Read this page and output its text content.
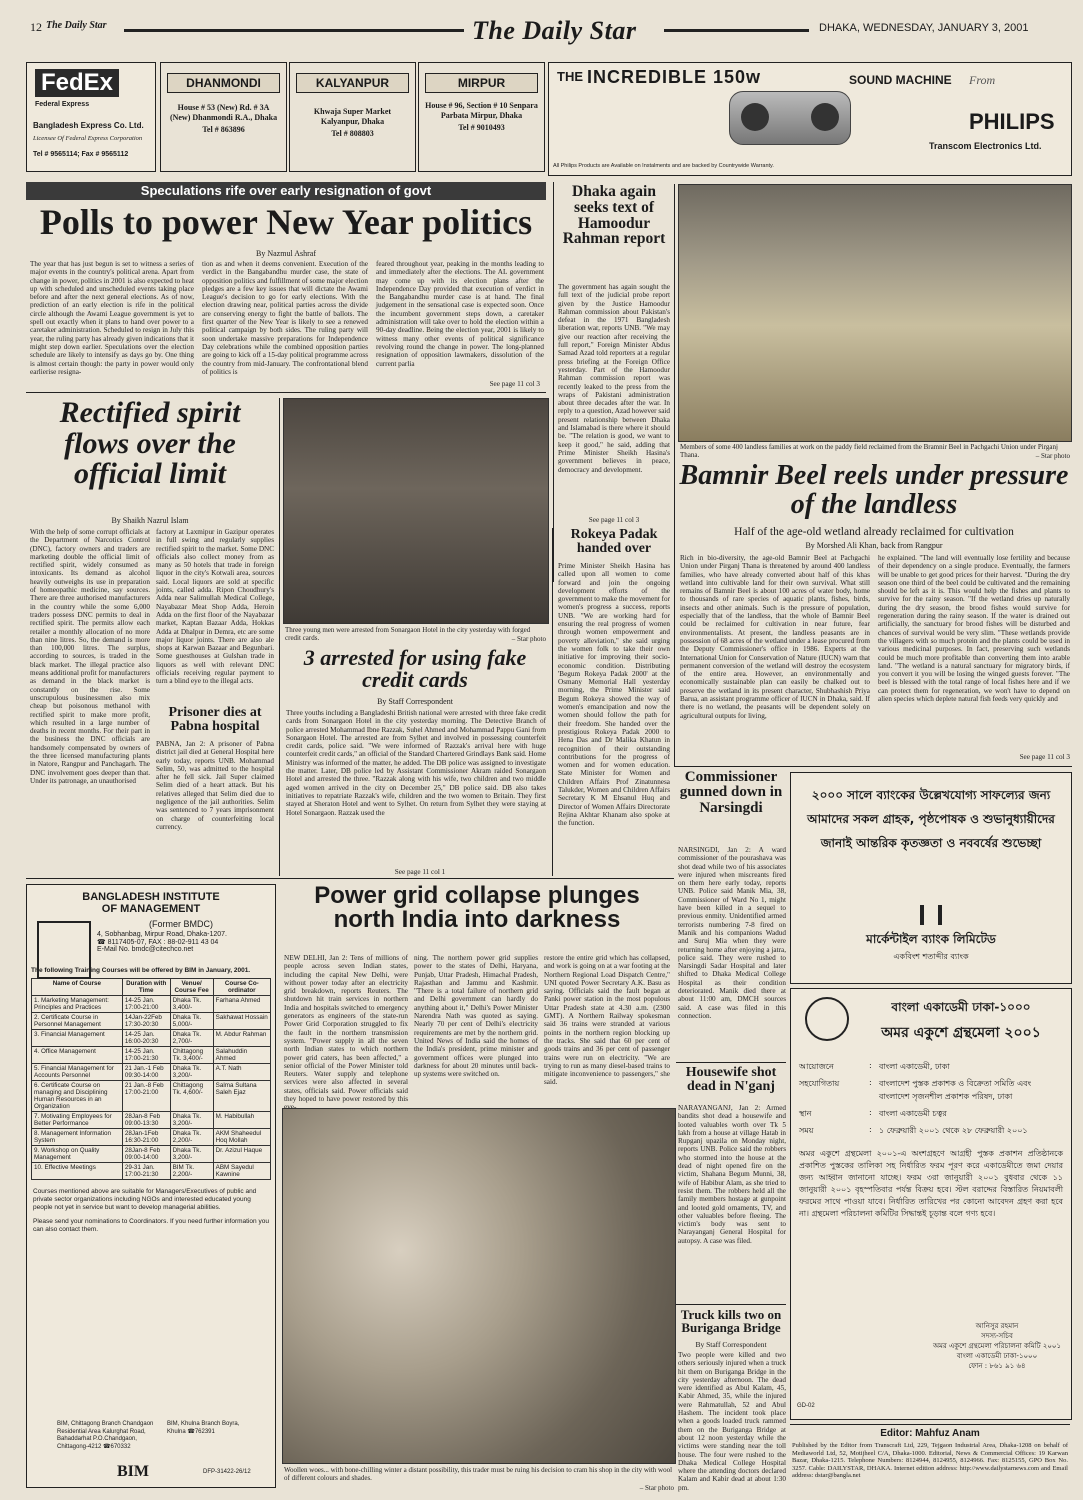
12 The Daily Star	The Daily Star	DHAKA, WEDNESDAY, JANUARY 3, 2001
FedEx
Federal Express
Bangladesh Express Co. Ltd.
Licensee Of Federal Express Corporation
Tel # 9565114; Fax # 9565112
DHANMONDI
House # 53 (New) Rd. # 3A (New) Dhanmondi R.A., Dhaka
Tel # 863896
KALYANPUR
Khwaja Super Market Kalyanpur, Dhaka
Tel # 808803
MIRPUR
House # 96, Section # 10 Senpara Parbata Mirpur, Dhaka
Tel # 9010493
THE INCREDIBLE 150w	SOUND MACHINE From
PHILIPS
Transcom Electronics Ltd.
All Philips Products are Available on Instalments and are backed by Countrywide Warranty.
Speculations rife over early resignation of govt
Polls to power New Year politics
By Nazmul Ashraf
The year that has just begun is set to witness a series of major events in the country's political arena. Apart from change in power, politics in 2001 is also expected to heat up with scheduled and unscheduled events taking place before and after the next general elections. As of now, prediction of an early election is rife in the political circle although the Awami League government is yet to spell out exactly when it plans to hand over power to a caretaker administration. Scheduled to resign in July this year, the ruling party has already given indications that it might step down earlier. Speculations over the election schedule are likely to intensify as days go by. One thing is almost certain though: the party in power would only earlierise resigna-
tion as and when it deems convenient. Execution of the verdict in the Bangabandhu murder case, the state of opposition politics and fulfillment of some major election pledges are a few key issues that will dictate the Awami League's decision to go for early elections. With the election drawing near, political parties across the divide are conserving energy to fight the battle of ballots. The first quarter of the New Year is likely to see a renewed political campaign by both sides. The ruling party will soon undertake massive preparations for Independence Day celebrations while the combined opposition parties are going to kick off a 15-day political programme across the country from mid-January. The confrontational blend of politics is
feared throughout year, peaking in the months leading to and immediately after the elections. The AL government may come up with its election plans after the Independence Day provided that execution of verdict in the Bangabandhu murder case is at hand. The final judgement in the sensational case is expected soon. Once the incumbent government steps down, a caretaker administration will take over to hold the election within a 90-day deadline. Being the election year, 2001 is likely to witness many other events of political significance revolving round the change in power. The long-planned resignation of opposition lawmakers, dissolution of the current parlia
See page 11 col 3
Dhaka again seeks text of Hamoodur Rahman report
The government has again sought the full text of the judicial probe report given by the Justice Hamoodur Rahman commission about Pakistan's defeat in the 1971 Bangladesh liberation war, reports UNB. "We may give our reaction after receiving the full report," Foreign Minister Abdus Samad Azad told reporters at a regular press briefing at the Foreign Office yesterday. Part of the Hamoodur Rahman commission report was recently leaked to the press from the wraps of Pakistani administration about three decades after the war. In reply to a question, Azad however said present relationship between Dhaka and Islamabad is there where it should be. "The relation is good, we want to keep it good," he said, adding that Prime Minister Sheikh Hasina's government believes in peace, democracy and development.
See page 11 col 3
Members of some 400 landless families at work on the paddy field reclaimed from the Bramnir Beel in Pachgachi Union under Pirganj Thana.	– Star photo
Bamnir Beel reels under pressure of the landless
Half of the age-old wetland already reclaimed for cultivation
By Morshed Ali Khan, back from Rangpur
Rich in bio-diversity, the age-old Bamnir Beel at Pachgachi Union under Pirganj Thana is threatened by around 400 landless families, who have already converted about half of this khas wetland into cultivable land for their own survival. What still remains of Bamnir Beel is about 100 acres of water body, home to thousands of rare species of aquatic plants, fishes, birds, insects and other animals. Such is the pressure of population, especially that of the landless, that the whole of Bamnir Beel could be reclaimed for cultivation in near future, fear environmentalists. At present, the landless peasants are in possession of 68 acres of the wetland under a lease procured from the Deputy Commissioner's office in 1986. Experts at the International Union for Conservation of Nature (IUCN) warn that permanent conversion of the wetland will destroy the ecosystem of the entire area. However, an environmentally and economically sustainable plan can easily be chalked out to preserve the wetland in its present character, Shubhashish Priya Barua, an assistant programme officer of IUCN in Dhaka, said. If there is no wetland, the peasants will be dependent solely on agricultural outputs for living,
he explained. "The land will eventually lose fertility and because of their dependency on a single produce. Eventually, the farmers will be unable to get good prices for their harvest. "During the dry season one third of the beel could be cultivated and the remaining should be left as it is. This would help the fishes and plants to survive for the rainy season. "If the wetland dries up naturally during the dry season, the brood fishes would survive for regeneration during the rainy season. If the water is drained out artificially, the sanctuary for brood fishes will be disturbed and chances of survival would be very slim. "These wetlands provide the villagers with so much protein and the plants could be used in various medicinal purposes. In fact, preserving such wetlands could be much more profitable than converting them into arable land. "The wetland is a natural sanctuary for migratory birds, if you convert it you will be losing the winged guests forever. "The beel is blessed with the total range of local fishes here and if we can protect them for regeneration, we won't have to depend on alien species which deplete natural fish feeds very quickly and
See page 11 col 3
Rectified spirit flows over the official limit
By Shaikh Nazrul Islam
With the help of some corrupt officials at the Department of Narcotics Control (DNC), factory owners and traders are marketing double the official limit of rectified spirit, widely consumed as intoxicants. Its demand as alcohol heavily outweighs its use in preparation of homeopathic medicine, say sources. There are three authorised manufacturers in the country while the some 6,000 traders possess DNC permits to deal in rectified spirit. The permits allow each retailer a monthly allocation of no more than nine litres. So, the demand is more than 100,000 litres. The surplus, according to sources, is traded in the black market. The illegal practice also means additional profit for manufacturers as demand in the black market is constantly on the rise. Some unscrupulous businessmen also mix cheap but poisonous methanol with rectified spirit to make more profit, which resulted in a large number of deaths in recent months. For their part in the business the DNC officials are handsomely compensated by owners of the three licensed manufacturing plants in Natore, Rangpur and Panchagarh. The DNC involvement goes deeper than that. Under its patronage, an unauthorised
factory at Laxmipur in Gazipur operates in full swing and regularly supplies rectified spirit to the market. Some DNC officials also collect money from as many as 50 hotels that trade in foreign liquor in the city's Kotwali area, sources said. Local liquors are sold at specific joints, called adda. Ripon Choudhury's Adda near Salimullah Medical College, Nayabazar Meat Shop Adda, Heroin Adda on the first floor of the Nayabazar market, Kaptan Bazaar Adda, Hokkas Adda at Dhalpur in Demra, etc are some major liquor joints. There are also ale shops at Karwan Bazaar and Begunbari. Some guesthouses at Gulshan trade in liquors as well with relevant DNC officials receiving regular payment to turn a blind eye to the illegal acts.
Prisoner dies at Pabna hospital
PABNA, Jan 2: A prisoner of Pabna district jail died at General Hospital here early today, reports UNB. Mohammad Selim, 50, was admitted to the hospital after he fell sick. Jail Super claimed Selim died of a heart attack. But his relatives alleged that Selim died due to negligence of the jail authorities. Selim was sentenced to 7 years imprisonment on charge of counterfeiting local currency.
Three young men were arrested from Sonargaon Hotel in the city yesterday with forged credit cards.	– Star photo
3 arrested for using fake credit cards
By Staff Correspondent
Three youths including a Bangladeshi British national were arrested with three fake credit cards from Sonargaon Hotel in the city yesterday morning. The Detective Branch of police arrested Mohammad Ibne Razzak, Suhel Ahmed and Mohammad Pappu Gani from Sonargaon Hotel. The arrested are from Sylhet and involved in possessing counterfeit credit cards, police said. "We were informed of Razzak's arrival here with huge counterfeit credit cards," an official of the Standard Chartered Grindlays Bank said. Home Ministry was informed of the matter, he added. The DB police was assigned to investigate the matter. Later, DB police led by Assistant Commissioner Akram raided Sonargaon Hotel and arrested the three. "Razzak along with his wife, two children and two middle aged women arrived in the city on December 25," DB police said. DB also takes initiatives to repatriate Razzak's wife, children and the two women to Britain. They first stayed at Sheraton Hotel and went to Sylhet. On return from Sylhet they were staying at Hotel Sonargaon. Razzak used the
See page 11 col 1
Rokeya Padak handed over
Prime Minister Sheikh Hasina has called upon all women to come forward and join the ongoing development efforts of the government to make the movement for women's progress a success, reports UNB. "We are working hard for ensuring the real progress of women through women empowerment and poverty alleviation," she said urging the women folk to take their own initiative for improving their socio-economic condition. Distributing 'Begum Rokeya Padak 2000' at the Osmany Memorial Hall yesterday morning, the Prime Minister said Begum Rokeya showed the way of women's emancipation and now the women should follow the path for their freedom. She handed over the prestigious Rokeya Padak 2000 to Hena Das and Dr Malika Khatun in recognition of their outstanding contributions for the progress of women and for women education. State Minister for Women and Children Affairs Prof Zinatunnesa Talukder, Women and Children Affairs Secretary K M Ehsanul Huq and Director of Women Affairs Directorate Rejina Akhtar Khanam also spoke at the function.
Commissioner gunned down in Narsingdi
NARSINGDI, Jan 2: A ward commissioner of the pourashava was shot dead while two of his associates were injured when miscreants fired on them here early today, reports UNB. Police said Manik Mia, 38, Commissioner of Ward No 1, might have been killed in a sequel to previous enmity. Unidentified armed terrorists numbering 7-8 fired on Manik and his companions Wadud and Suruj Mia when they were returning home after enjoying a jatra, police said. They were rushed to Narsingdi Sadar Hospital and later shifted to Dhaka Medical College Hospital as their condition deteriorated. Manik died there at about 11:00 am, DMCH sources said. A case was filed in this connection.
২০০০ সালে ব্যাংকের উল্লেখযোগ্য সাফল্যের জন্য
আমাদের সকল গ্রাহক, পৃষ্ঠপোষক ও শুভানুধ্যায়ীদের
জানাই আন্তরিক কৃতজ্ঞতা ও নববর্ষের শুভেচ্ছা
মার্কেন্টাইল ব্যাংক লিমিটেড
একবিংশ শতাব্দীর ব্যাংক
BANGLADESH INSTITUTE
OF MANAGEMENT
(Former BMDC)
4, Sobhanbag, Mirpur Road, Dhaka-1207.
☎ 8117405-07, FAX : 88-02-911 43 04
E-Mail No. bmdc@citechco.net
The following Training Courses will be offered by BIM in January, 2001.
Name of Course	Duration with Time	Venue/ Course Fee	Course Co-ordinator
1. Marketing Management: Principles and Practices	14-25 Jan. 17:00-21:00	Dhaka Tk. 3,400/-	Farhana Ahmed
2. Certificate Course in Personnel Management	14Jan-22Feb 17:30-20:30	Dhaka Tk. 5,000/-	Sakhawat Hossain
3. Financial Management	14-25 Jan. 16:00-20:30	Dhaka Tk. 2,700/-	M. Abdur Rahman
4. Office Management	14-25 Jan. 17:00-21:30	Chittagong Tk. 3,400/-	Salahuddin Ahmed
5. Financial Management for Accounts Personnel	21 Jan.-1 Feb 09:30-14:00	Dhaka Tk. 3,200/-	A.T. Nath
6. Certificate Course on managing and Disciplining Human Resources in an Organization	21 Jan.-8 Feb 17:00-21:00	Chittagong Tk. 4,600/-	Salma Sultana Saleh Ejaz
7. Motivating Employees for Better Performance	28Jan-8 Feb 09:00-13:30	Dhaka Tk. 3,200/-	M. Habibullah
8. Management Information System	28Jan-1Feb 16:30-21:00	Dhaka Tk. 2,200/-	AKM Shaheedul Hoq Mollah
9. Workshop on Quality Management	28Jan-8 Feb 09:00-14:00	Dhaka Tk. 3,200/-	Dr. Azizul Haque
10. Effective Meetings	29-31 Jan. 17:00-21:30	BIM Tk. 2,200/-	ABM Sayedul Kawnine
Courses mentioned above are suitable for Managers/Executives of public and private sector organizations including NGOs and interested educated young people not yet in service but want to develop managerial abilities.
Please send your nominations to Coordinators. If you need further information you can also contact them.
BIM, Chittagong Branch Chandgaon Residential Area Kalurghat Road, Bahaddarhat P.O.Chandgaon, Chittagong-4212 ☎670332
BIM, Khulna Branch Boyra, Khulna ☎762391
BIM	DFP-31422-26/12
Power grid collapse plunges north India into darkness
NEW DELHI, Jan 2: Tens of millions of people across seven Indian states, including the capital New Delhi, were without power today after an electricity grid breakdown, reports Reuters. The shutdown hit train services in northern India and hospitals switched to emergency generators as engineers of the state-run Power Grid Corporation struggled to fix the fault in the northern transmission system. "Power supply in all the seven north Indian states to which northern power grid caters, has been affected," a senior official of the Power Minister told Reuters. Water supply and telephone services were also affected in several states, officials said. Power officials said they hoped to have power restored by this
ning. The northern power grid supplies power to the states of Delhi, Haryana, Punjab, Uttar Pradesh, Himachal Pradesh, Rajasthan and Jammu and Kashmir. "There is a total failure of northern grid and Delhi government can hardly do anything about it," Delhi's Power Minister Narendra Nath was quoted as saying. Nearly 70 per cent of Delhi's electricity requirements are met by the northern grid. United News of India said the homes of the India's president, prime minister and government offices were plunged into darkness for about 20 minutes until back-up systems were switched on.
restore the entire grid which has collapsed, and work is going on at a war footing at the Northern Regional Load Dispatch Centre," UNI quoted Power Secretary A.K. Basu as saying. Officials said the fault began at Panki power station in the most populous Uttar Pradesh state at 4.30 a.m. (2300 GMT). A Northern Railway spokesman said 36 trains were stranded at various points in the northern region blocking up the tracks. She said that 60 per cent of goods trains and 36 per cent of passenger trains were run on electricity. "We are trying to run as many diesel-based trains to mitigate inconvenience to passengers," she said.
Woollen woes... with bone-chilling winter a distant possibility, this trader must be ruing his decision to cram his shop in the city with wool of different colours and shades.
– Star photo
Housewife shot dead in N'ganj
NARAYANGANJ, Jan 2: Armed bandits shot dead a housewife and looted valuables worth over Tk 5 lakh from a house at village Hatab in Rupganj upazila on Monday night, reports UNB. Police said the robbers who stormed into the house at the dead of night opened fire on the victim, Shahana Begum Munni, 38, wife of Habibur Alam, as she tried to resist them. The robbers held all the family members hostage at gunpoint and looted gold ornaments, TV, and other valuables before fleeing. The victim's body was sent to Narayanganj General Hospital for autopsy. A case was filed.
Truck kills two on Buriganga Bridge
By Staff Correspondent
Two people were killed and two others seriously injured when a truck hit them on Buriganga Bridge in the city yesterday afternoon. The dead were identified as Abul Kalam, 45, Kabir Ahmed, 35, while the injured were Rahmatullah, 52 and Abul Hashem. The incident took place when a goods loaded truck rammed them on the Buriganga Bridge at about 12 noon yesterday while the victims were standing near the toll house. The four were rushed to the Dhaka Medical College Hospital where the attending doctors declared Kalam and Kabir dead at about 1:30 pm.
বাংলা একাডেমী ঢাকা-১০০০
অমর একুশে গ্রন্থমেলা ২০০১
আয়োজনে	: বাংলা একাডেমী, ঢাকা
সহযোগিতায়	: বাংলাদেশ পুস্তক প্রকাশক ও বিক্রেতা সমিতি এবং বাংলাদেশ সৃজনশীল প্রকাশক পরিষদ, ঢাকা
স্থান	: বাংলা একাডেমী চত্বর
সময়	: ১ ফেব্রুয়ারী ২০০১ থেকে ২৮ ফেব্রুয়ারী ২০০১
অমর একুশে গ্রন্থমেলা ২০০১-এ অংশগ্রহণে আগ্রহী পুস্তক প্রকাশন প্রতিষ্ঠানকে প্রকাশিত পুস্তকের তালিকা সহ নির্ধারিত ফরম পূরণ করে একাডেমীতে জমা দেয়ার জন্য আহ্বান জানানো যাচ্ছে। ফরম ৩রা জানুয়ারী ২০০১ বুধবার থেকে ১১ জানুয়ারী ২০০১ বৃহস্পতিবার পর্যন্ত বিক্রয় হবে। স্টল বরাদ্দের বিস্তারিত নিয়মাবলী ফরমের সাথে পাওয়া যাবে। নির্ধারিত তারিখের পর কোনো আবেদন গ্রহণ করা হবে না। গ্রন্থমেলা পরিচালনা কমিটির সিদ্ধান্তই চূড়ান্ত বলে গণ্য হবে।
আনিসুর রহমান
সদস্য-সচিব
অমর একুশে গ্রন্থমেলা পরিচালনা কমিটি ২০০১
বাংলা একাডেমী ঢাকা-১০০০
ফোন : ৮৬১ ৯১ ৬৪
GD-02
Editor: Mahfuz Anam
Published by the Editor from Transcraft Ltd, 229, Tejgaon Industrial Area, Dhaka-1208 on behalf of Mediaworld Ltd, 52, Motijheel C/A, Dhaka-1000. Editorial, News & Commercial Offices: 19 Karwan Bazar, Dhaka-1215. Telephone Numbers: 8124944, 8124955, 8124966. Fax: 8125155, GPO Box No. 3257. Cable: DAILYSTAR, DHAKA. Internet edition address: http://www.dailystarnews.com and Email address: dstar@bangla.net
